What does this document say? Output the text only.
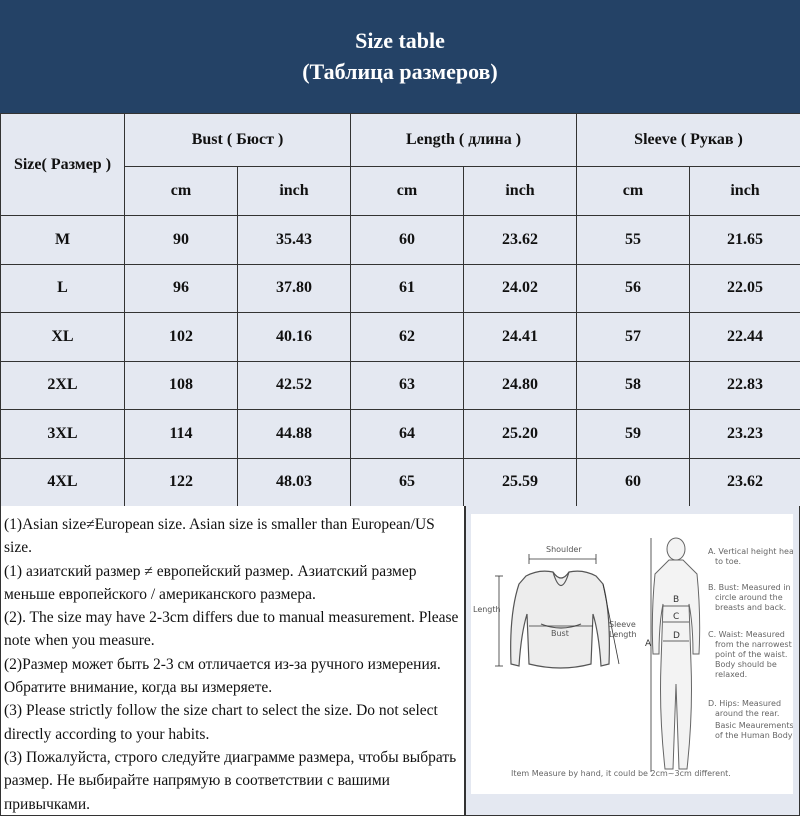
Size table
(Таблица размеров)
Size( Размер )	Bust ( Бюст )		Length ( длина )		Sleeve ( Рукав )	
	cm	inch	cm	inch	cm	inch
M	90	35.43	60	23.62	55	21.65
L	96	37.80	61	24.02	56	22.05
XL	102	40.16	62	24.41	57	22.44
2XL	108	42.52	63	24.80	58	22.83
3XL	114	44.88	64	25.20	59	23.23
4XL	122	48.03	65	25.59	60	23.62

(1)Asian size≠European size. Asian size is smaller than European/US size.

(1) азиатский размер ≠ европейский размер. Азиатский размер меньше европейского / американского размера.

(2). The size may have 2-3cm differs due to manual measurement. Please note when you measure.

(2)Размер может быть 2-3 см отличается из-за ручного измерения. Обратите внимание, когда вы измеряете.

(3) Please strictly follow the size chart to select the size. Do not select directly according to your habits.

(3) Пожалуйста, строго следуйте диаграмме размера, чтобы выбрать размер. Не выбирайте напрямую в соответствии с вашими привычками.

Shoulder
Length
Bust
Sleeve
Length
A
B
C
D
A. Vertical height head
to toe.
B. Bust: Measured in a
circle around the
breasts and back.
C. Waist: Measured
from the narrowest
point of the waist.
Body should be
relaxed.
D. Hips: Measured
around the rear.
Basic Meaurements
of the Human Body
Item Measure by hand, it could be 2cm~3cm different.
